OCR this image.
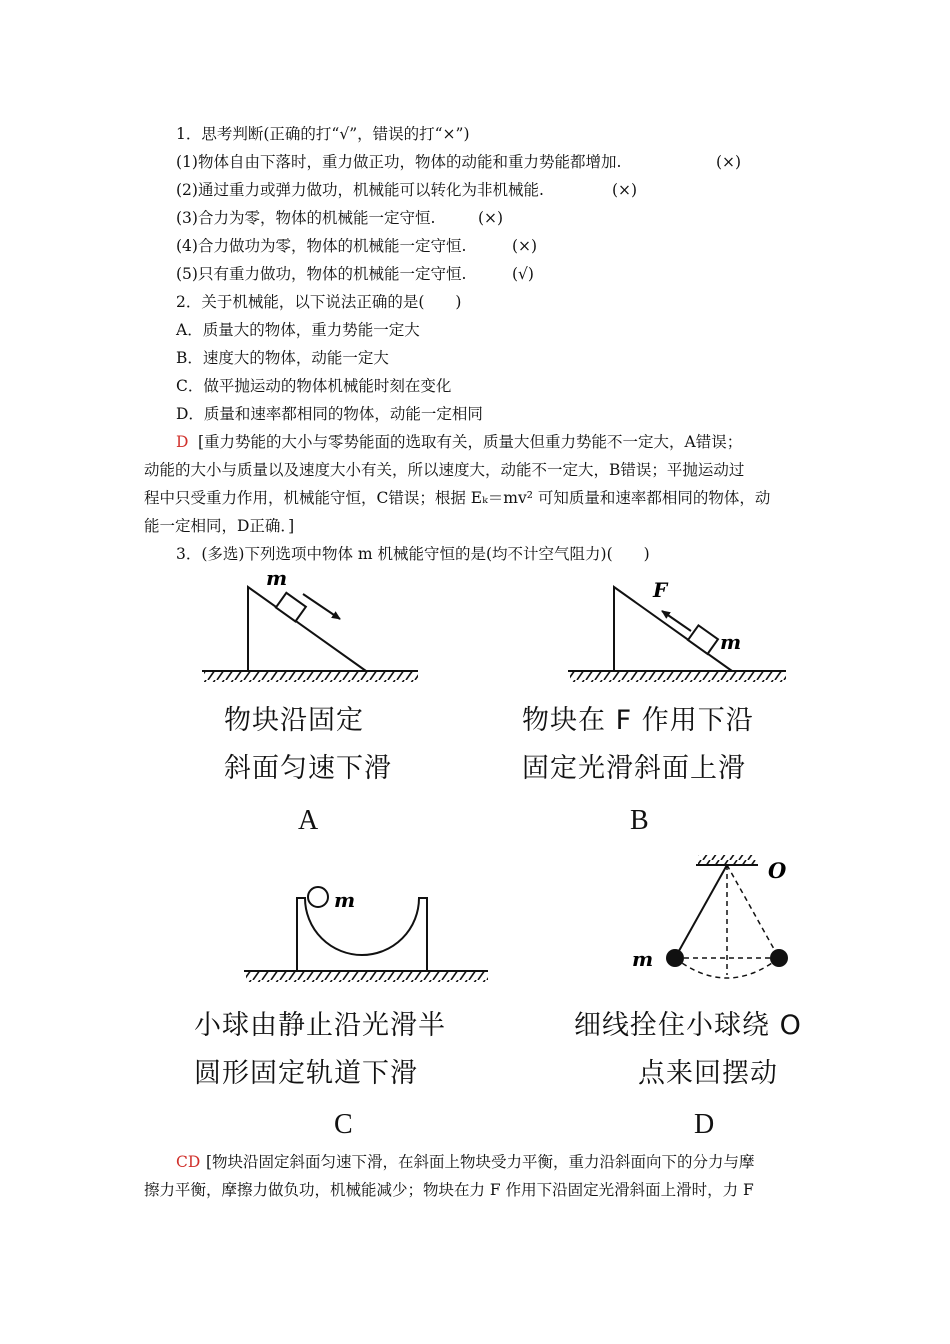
1．思考判断(正确的打“√”，错误的打“×”)
(1)物体自由下落时，重力做正功，物体的动能和重力势能都增加.	(×)
(2)通过重力或弹力做功，机械能可以转化为非机械能.	(×)
(3)合力为零，物体的机械能一定守恒.	(×)
(4)合力做功为零，物体的机械能一定守恒.	(×)
(5)只有重力做功，物体的机械能一定守恒.	(√)
2．关于机械能，以下说法正确的是(　　)
A．质量大的物体，重力势能一定大
B．速度大的物体，动能一定大
C．做平抛运动的物体机械能时刻在变化
D．质量和速率都相同的物体，动能一定相同
D [重力势能的大小与零势能面的选取有关，质量大但重力势能不一定大，A错误；
动能的大小与质量以及速度大小有关，所以速度大，动能不一定大，B错误；平抛运动过
程中只受重力作用，机械能守恒，C错误；根据 Eₖ＝mv² 可知质量和速率都相同的物体，动
能一定相同，D正确．]
3．(多选)下列选项中物体 m 机械能守恒的是(均不计空气阻力)(　　)
m	F
m
m
m
O
物块沿固定
斜面匀速下滑
A
物块在 F 作用下沿
固定光滑斜面上滑
B
小球由静止沿光滑半
圆形固定轨道下滑
C
细线拴住小球绕 O
点来回摆动
D
CD [物块沿固定斜面匀速下滑，在斜面上物块受力平衡，重力沿斜面向下的分力与摩
擦力平衡，摩擦力做负功，机械能减少；物块在力 F 作用下沿固定光滑斜面上滑时，力 F
